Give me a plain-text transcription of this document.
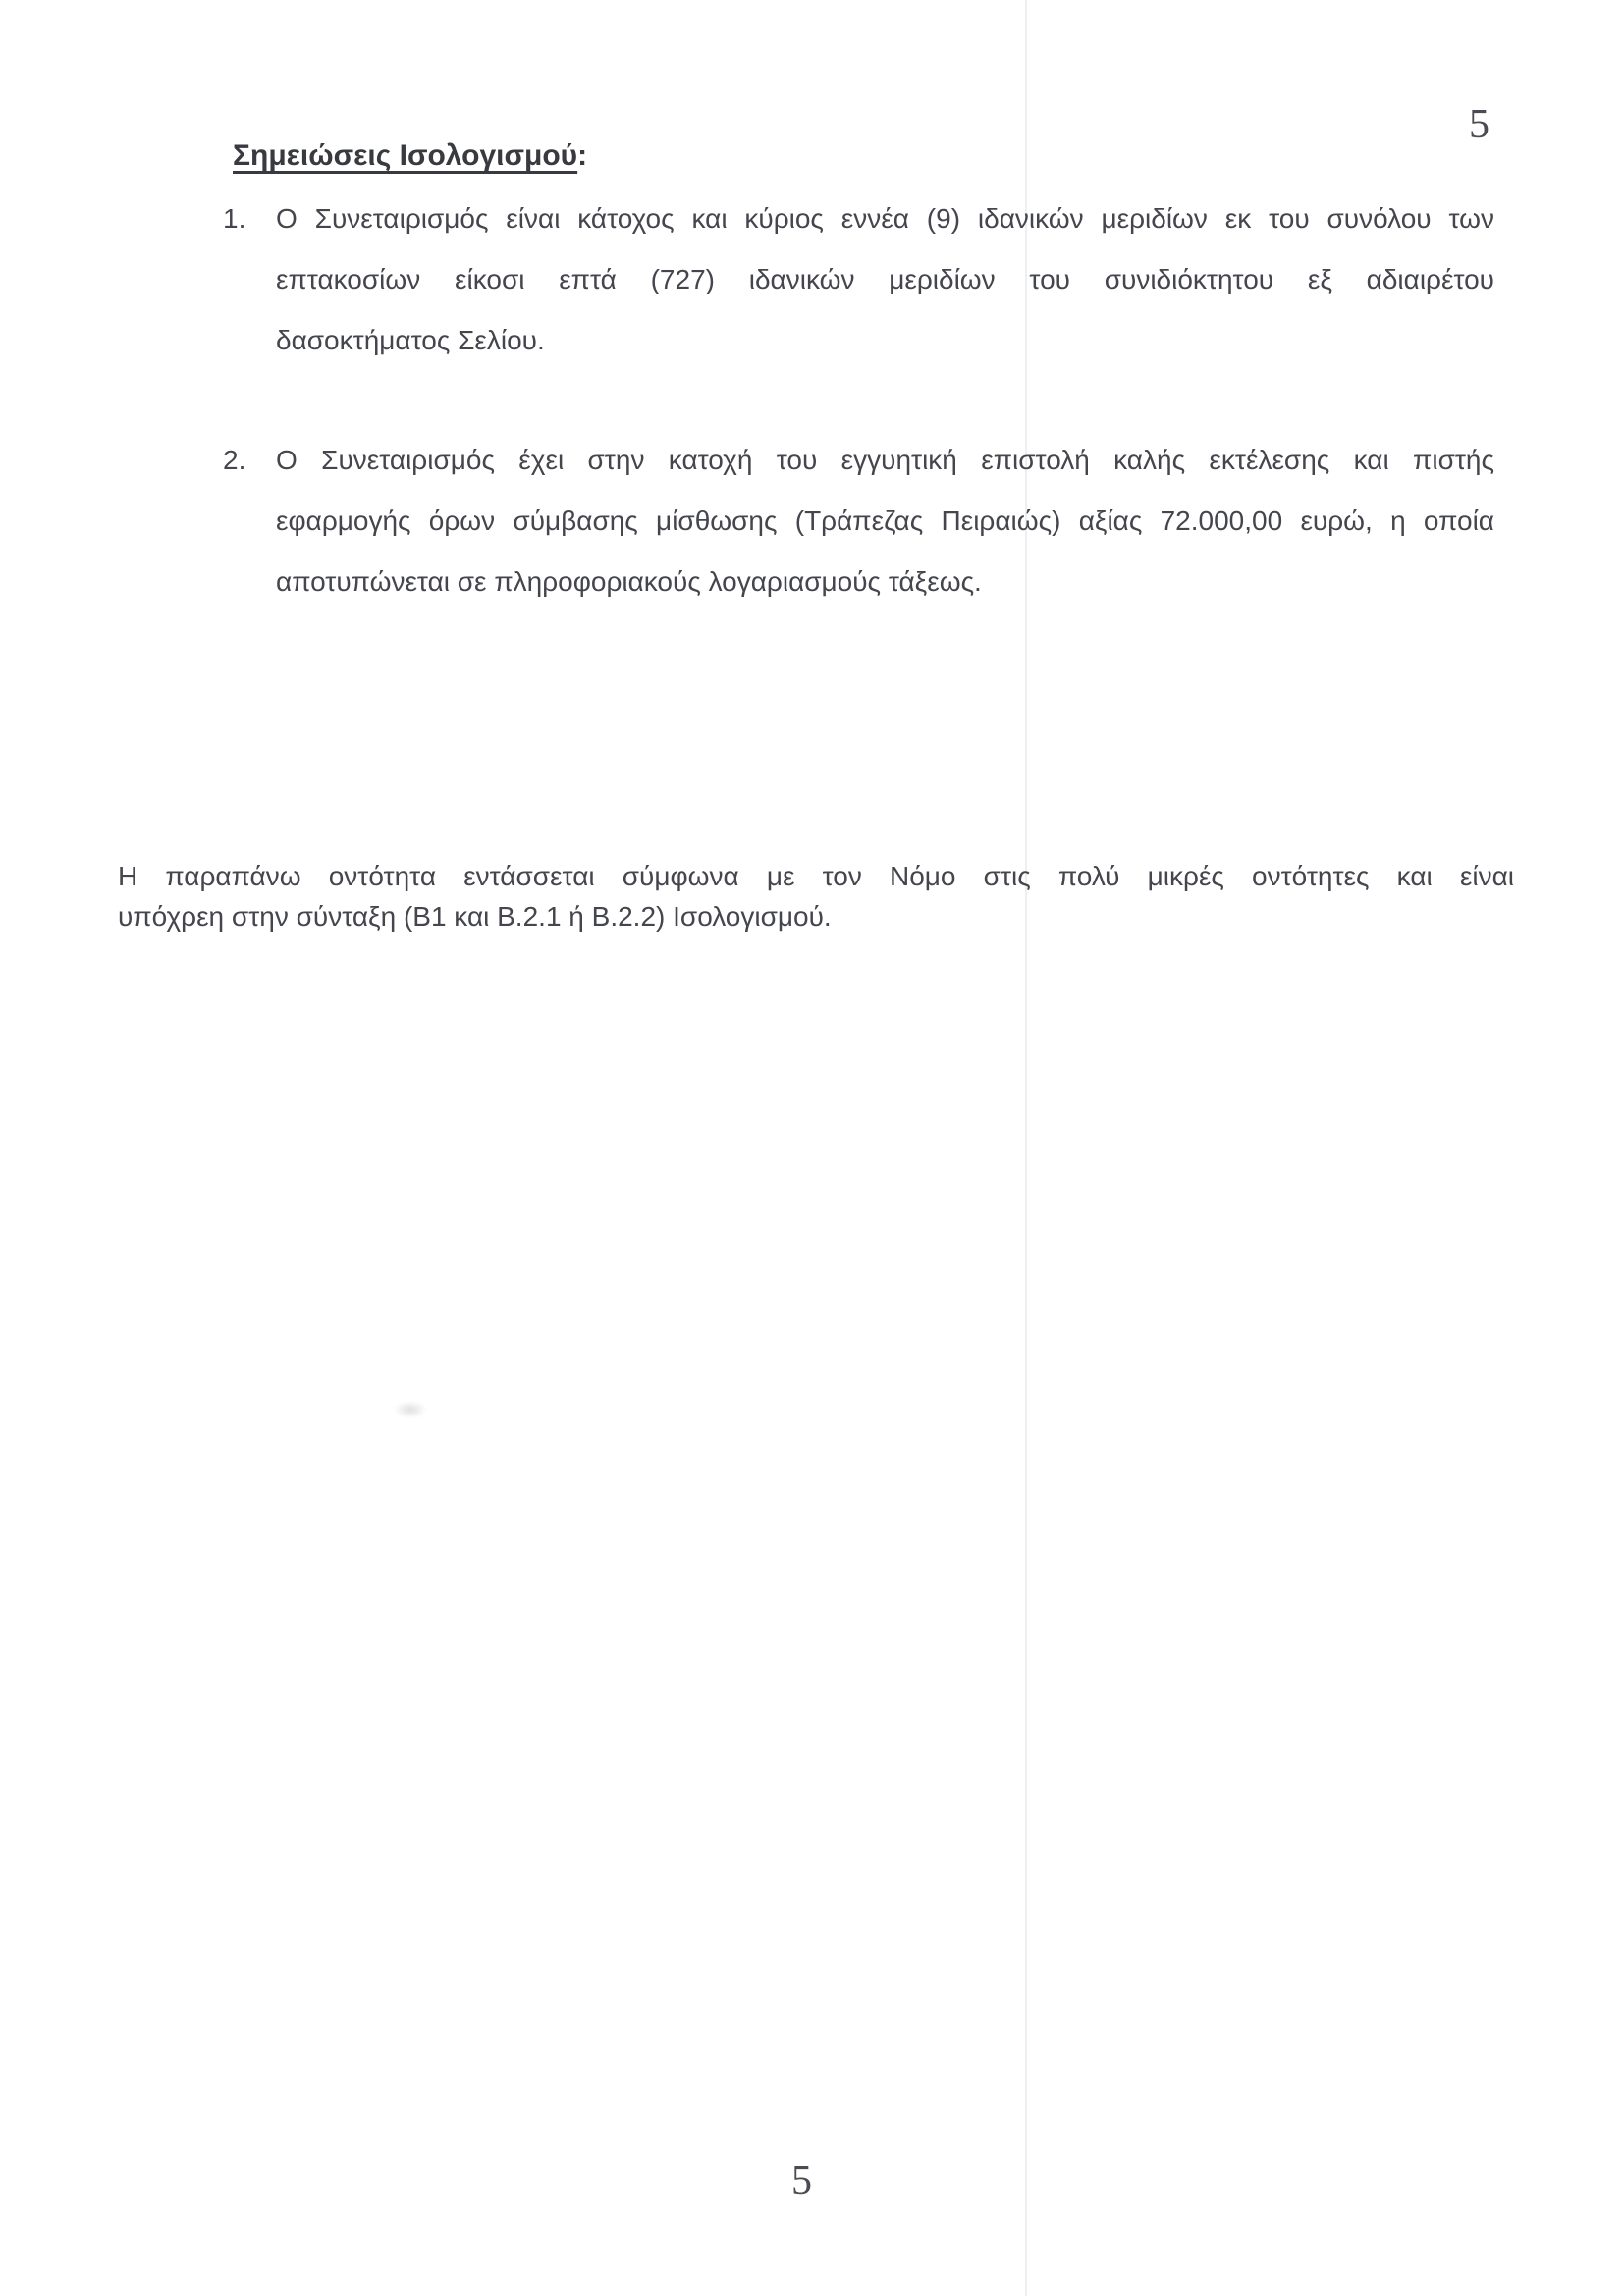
5
Σημειώσεις Ισολογισμού:
1.	Ο Συνεταιρισμός είναι κάτοχος και κύριος εννέα (9) ιδανικών μεριδίων εκ του συνόλου των
επτακοσίων είκοσι επτά (727) ιδανικών μεριδίων του συνιδιόκτητου εξ αδιαιρέτου
δασοκτήματος Σελίου.
2.	Ο Συνεταιρισμός έχει στην κατοχή του εγγυητική επιστολή καλής εκτέλεσης και πιστής
εφαρμογής όρων σύμβασης μίσθωσης (Τράπεζας Πειραιώς) αξίας 72.000,00 ευρώ, η οποία
αποτυπώνεται σε πληροφοριακούς λογαριασμούς τάξεως.
Η παραπάνω οντότητα εντάσσεται σύμφωνα με τον Νόμο στις πολύ μικρές οντότητες και είναι
υπόχρεη στην σύνταξη (Β1 και Β.2.1 ή Β.2.2) Ισολογισμού.
5
